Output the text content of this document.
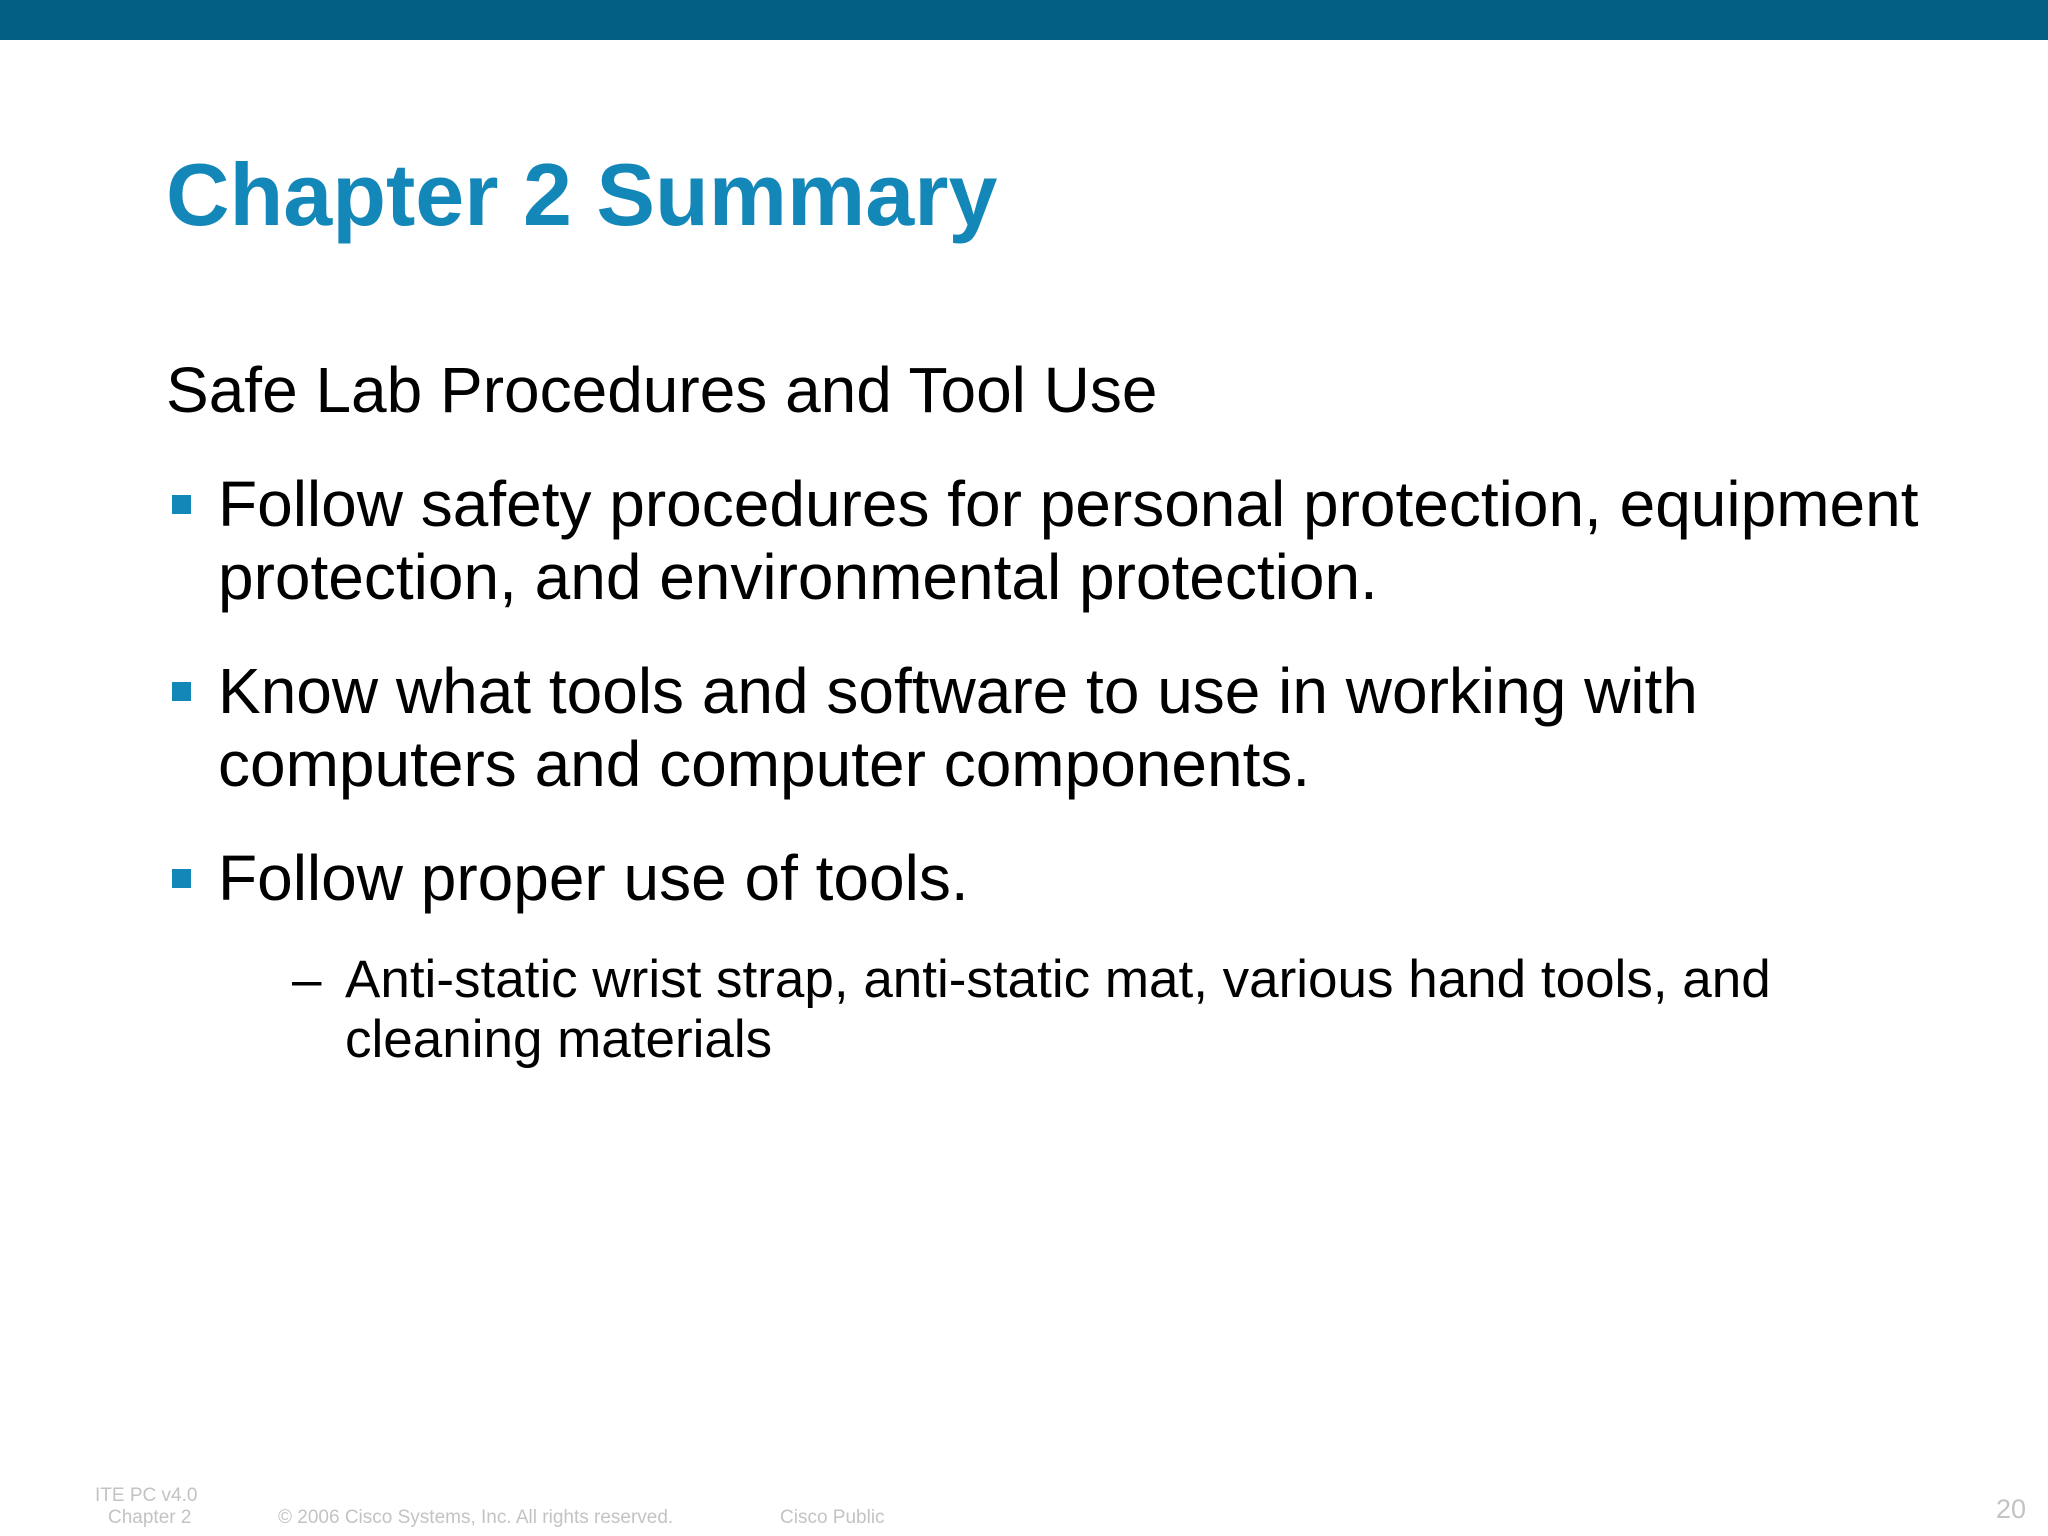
Chapter 2 Summary
Safe Lab Procedures and Tool Use
Follow safety procedures for personal protection, equipment protection, and environmental protection.
Know what tools and software to use in working with computers and computer components.
Follow proper use of tools.
– Anti-static wrist strap, anti-static mat, various hand tools, and cleaning materials
ITE PC v4.0
Chapter 2	© 2006 Cisco Systems, Inc. All rights reserved.	Cisco Public	20
